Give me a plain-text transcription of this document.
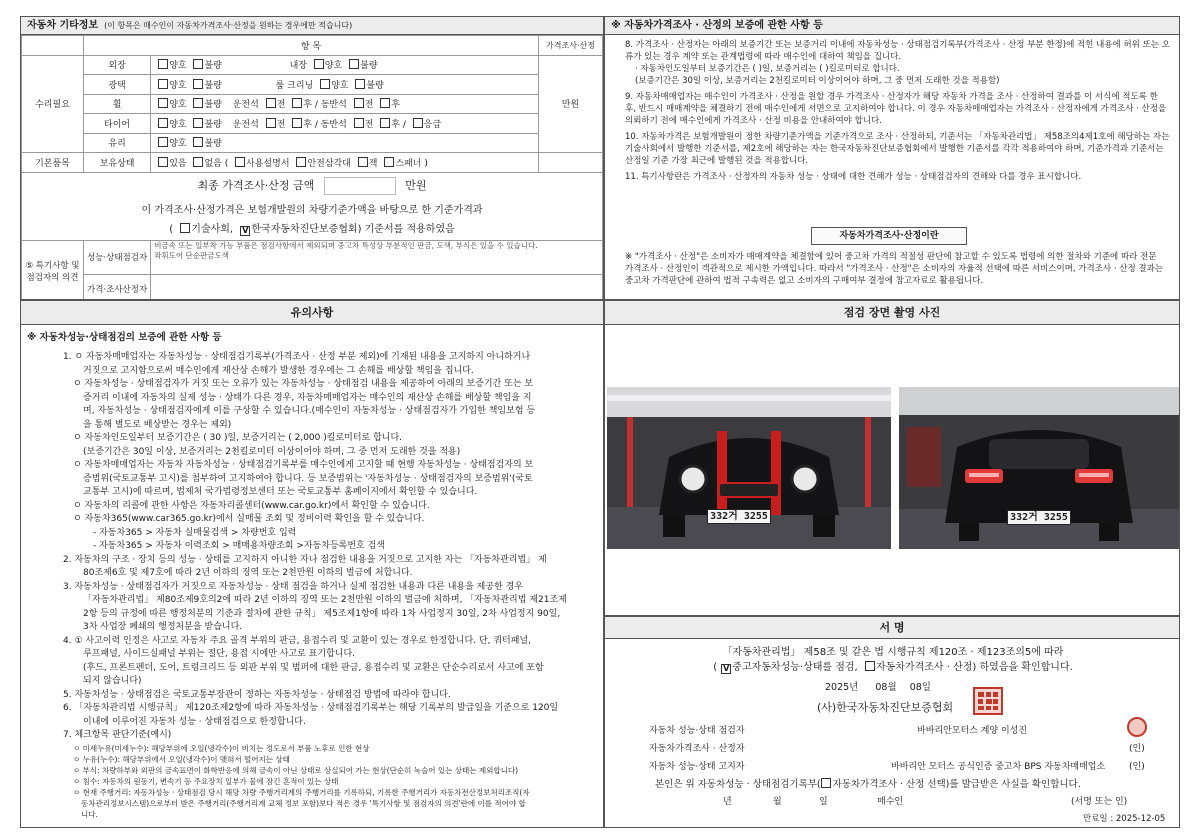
자동차 기타정보 (이 항목은 매수인이 자동차가격조사·산정을 원하는 경우에만 적습니다)
	항 목		가격조사·산정
수리필요	외장	양호 불량 내장 양호 불량	만원
	광택	양호 불량 룸 크리닝 양호 불량	
	휠	양호 불량 운전석 전 후 / 동반석 전 후	
	타이어	양호 불량 운전석 전 후 / 동반석 전 후 / 응급	
	유리	양호 불량	
기본품목	보유상태	있음 없음 ( 사용설명서 안전삼각대 잭 스패너 )	

최종 가격조사·산정 금액 만원
이 가격조사·산정가격은 보험개발원의 차량기준가액을 바탕으로 한 기준가격과
( 기술사회, V 한국자동차진단보증협회) 기준서를 적용하였음			

⑤ 특기사항 및 점검자의 의견	성능·상태점검자	비금속 또는 일부착 가능 부품은 점검사항에서 제외되며 중고차 특성상 부분적인 판금, 도색, 부식은 있을 수 있습니다.
좌휘도어 단순판금도색	

	가격·조사산정자		
※ 자동차가격조사 · 산정의 보증에 관한 사항 등

8. 가격조사 · 산정자는 아래의 보증기간 또는 보증거리 이내에 자동차성능 · 상태점검기록부(가격조사 · 산정 부분 한정)에 적힌 내용에 허위 또는 오류가 있는 경우 계약 또는 관계법령에 따라 매수인에 대하여 책임을 집니다.

· 자동차인도일부터 보증기간은 ( )일, 보증거리는 ( )킬로미터로 합니다.

(보증기간은 30일 이상, 보증거리는 2천킬로미터 이상이어야 하며, 그 중 먼저 도래한 것을 적용함)

9. 자동차매매업자는 매수인이 가격조사 · 산정을 원할 경우 가격조사 · 산정자가 해당 자동차 가격을 조사 · 산정하여 결과를 이 서식에 적도록 한 후, 반드시 매매계약을 체결하기 전에 매수인에게 서면으로 고지하여야 합니다. 이 경우 자동차매매업자는 가격조사 · 산정자에게 가격조사 · 산정을 의뢰하기 전에 매수인에게 가격조사 · 산정 비용을 안내하여야 합니다.

10. 자동차가격은 보험개발원이 정한 차량기준가액을 기준가격으로 조사 · 산정하되, 기준서는 「자동차관리법」 제58조의4제1호에 해당하는 자는 기술사회에서 발행한 기준서를, 제2호에 해당하는 자는 한국자동차진단보증협회에서 발행한 기준서를 각각 적용하여야 하며, 기준가격과 기준서는 산정일 기준 가장 최근에 발행된 것을 적용합니다.

11. 특기사항란은 가격조사 · 산정자의 자동차 성능 · 상태에 대한 견해가 성능 · 상태점검자의 견해와 다를 경우 표시합니다.

자동차가격조사·산정이란
※ "가격조사 · 산정"은 소비자가 매매계약을 체결함에 있어 중고차 가격의 적절성 판단에 참고할 수 있도록 법령에 의한 절차와 기준에 따라 전문 가격조사 · 산정인이 객관적으로 제시한 가액입니다. 따라서 "가격조사 · 산정"은 소비자의 자율적 선택에 따른 서비스이며, 가격조사 · 산정 결과는 중고차 가격판단에 관하여 법적 구속력은 없고 소비자의 구매여부 결정에 참고자료로 활용됩니다.
유의사항
※ 자동차성능·상태점검의 보증에 관한 사항 등

1. ㅇ 자동차매매업자는 자동차성능 · 상태점검기록부(가격조사 · 산정 부분 제외)에 기재된 내용을 고지하지 아니하거나

거짓으로 고지함으로써 매수인에게 재산상 손해가 발생한 경우에는 그 손해를 배상할 책임을 집니다.

ㅇ 자동차성능 · 상태점검자가 거짓 또는 오류가 있는 자동차성능 · 상태점검 내용을 제공하여 아래의 보증기간 또는 보

증거리 이내에 자동차의 실제 성능 · 상태가 다른 경우, 자동차매매업자는 매수인의 재산상 손해를 배상할 책임을 지

며, 자동차성능 · 상태점검자에게 이를 구상할 수 있습니다.(매수인이 자동차성능 · 상태점검자가 가입한 책임보험 등

을 통해 별도로 배상받는 경우는 제외)

ㅇ 자동차인도일부터 보증기간은 ( 30 )일, 보증거리는 ( 2,000 )킬로미터로 합니다.

(보증기간은 30일 이상, 보증거리는 2천킬로미터 이상이어야 하며, 그 중 먼저 도래한 것을 적용)

ㅇ 자동차매매업자는 자동차 자동차성능 · 상태점검기록부를 매수인에게 고지할 때 현행 자동차성능 · 상태점검자의 보

증범위(국토교통부 고시)를 첨부하여 고지하여야 합니다. 등 보증범위는 '자동차성능 · 상태점검자의 보증범위'(국토

교통부 고시)에 따르며, 법제처 국가법령정보센터 또는 국토교통부 홈페이지에서 확인할 수 있습니다.

ㅇ 자동차의 리콜에 관한 사항은 자동차리콜센터(www.car.go.kr)에서 확인할 수 있습니다.

ㅇ 자동차365(www.car365.go.kr)에서 실매물 조회 및 정비이력 확인을 할 수 있습니다.

- 자동차365 > 자동차 실매물검색 > 차량번호 입력

- 자동차365 > 자동차 이력조회 > 매매용차량조회 >자동차등록번호 검색

2. 자동차의 구조 · 장치 등의 성능 · 상태를 고지하지 아니한 자나 점검한 내용을 거짓으로 고지한 자는 「자동차관리법」 제

80조제6호 및 제7호에 따라 2년 이하의 징역 또는 2천만원 이하의 벌금에 처합니다.

3. 자동차성능 · 상태점검자가 거짓으로 자동차성능 · 상태 점검을 하거나 실제 점검한 내용과 다른 내용을 제공한 경우

「자동차관리법」 제80조제9호의2에 따라 2년 이하의 징역 또는 2천만원 이하의 벌금에 처하며, 「자동차관리법 제21조제

2항 등의 규정에 따른 행정처분의 기준과 절차에 관한 규칙」 제5조제1항에 따라 1차 사업정지 30일, 2차 사업정지 90일,

3차 사업장 폐쇄의 행정처분을 받습니다.

4. ① 사고이력 인정은 사고로 자동차 주요 골격 부위의 판금, 용접수리 및 교환이 있는 경우로 한정합니다. 단, 쿼터패널,

루프패널, 사이드실패널 부위는 절단, 용접 시에만 사고로 표기합니다.

(후드, 프론트펜더, 도어, 트렁크리드 등 외판 부위 및 범퍼에 대한 판금, 용접수리 및 교환은 단순수리로서 사고에 포함

되지 않습니다)

5. 자동차성능 · 상태점검은 국토교통부장관이 정하는 자동차성능 · 상태점검 방법에 따라야 합니다.

6. 「자동차관리법 시행규칙」 제120조제2항에 따라 자동차성능 · 상태점검기록부는 해당 기록부의 발급일을 기준으로 120일

이내에 이루어진 자동차 성능 · 상태점검으로 한정합니다.

7. 체크항목 판단기준(예시)

ㅇ 미세누유(미세누수): 해당부위에 오일(냉각수)이 비치는 정도로서 부품 노후로 인한 현상

ㅇ 누유(누수): 해당부위에서 오일(냉각수)이 맺혀서 떨어지는 상태

ㅇ 부식: 차량하부와 외판의 금속표면이 화학반응에 의해 금속이 아닌 상태로 상실되어 가는 현상(단순히 녹슬어 있는 상태는 제외합니다)

ㅇ 침수: 자동차의 원동기, 변속기 등 주요장치 일부가 물에 잠긴 흔적이 있는 상태

ㅇ 현재 주행거리: 자동차성능 · 상태점검 당시 해당 차량 주행거리계의 주행거리를 기록하되, 기록한 주행거리가 자동차전산정보처리조직(자

동차관리정보시스템)으로부터 받은 주행거리(주행거리계 교체 정보 포함)보다 적은 경우 '특기사항 및 점검자의 의견'란에 이를 적어야 합

니다.

점검 장면 촬영 사진
332거 3255	332거 3255
서 명
「자동차관리법」 제58조 및 같은 법 시행규칙 제120조 · 제123조의5에 따라
( V 중고자동차성능·상태를 점검, 자동차가격조사 · 산정) 하였음을 확인합니다.
2025년 08월 08일
(사)한국자동차진단보증협회
자동차 성능·상태 점검자	바바리안모터스 계양 이성진
자동차가격조사 · 산정자	(인)
자동차 성능·상태 고지자	바바리안 모터스 공식인증 중고차 BPS 자동차매매업소	(인)
본인은 위 자동차성능 · 상태점검기록부( 자동차가격조사 · 산정 선택)를 발급받은 사실을 확인합니다.
년	월	일	매수인	(서명 또는 인)
만료일 : 2025-12-05
